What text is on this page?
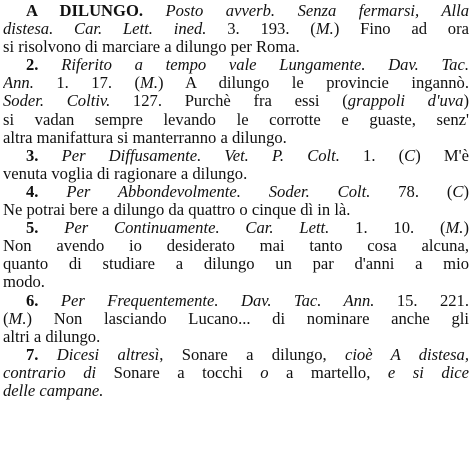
A DILUNGO. Posto avverb. Senza fermarsi, Alla
distesa. Car. Lett. ined. 3. 193. (M.) Fino ad ora
si risolvono di marciare a dilungo per Roma.
2. Riferito a tempo vale Lungamente. Dav. Tac.
Ann. 1. 17. (M.) A dilungo le provincie ingannò.
Soder. Coltiv. 127. Purchè fra essi (grappoli d'uva)
si vadan sempre levando le corrotte e guaste, senz'
altra manifattura si manterranno a dilungo.
3. Per Diffusamente. Vet. P. Colt. 1. (C) M'è
venuta voglia di ragionare a dilungo.
4. Per Abbondevolmente. Soder. Colt. 78. (C)
Ne potrai bere a dilungo da quattro o cinque dì in là.
5. Per Continuamente. Car. Lett. 1. 10. (M.)
Non avendo io desiderato mai tanto cosa alcuna,
quanto di studiare a dilungo un par d'anni a mio
modo.
6. Per Frequentemente. Dav. Tac. Ann. 15. 221.
(M.) Non lasciando Lucano... di nominare anche gli
altri a dilungo.
7. Dicesi altresì, Sonare a dilungo, cioè A distesa,
contrario di Sonare a tocchi o a martello, e si dice
delle campane.
